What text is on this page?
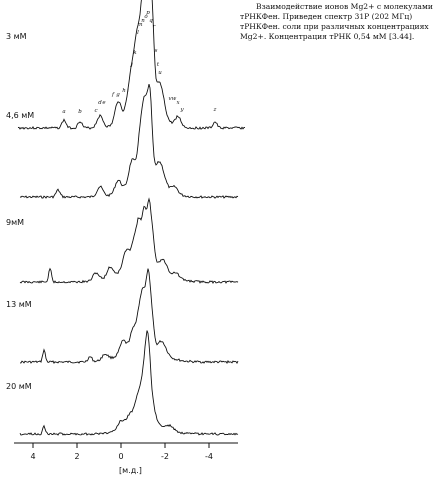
Взаимодействие ионов Mg2+ с молекулами тРНКФен. Приведен спектр 31Р (202 МГц) тРНКФен. соли при различных концентрациях Mg2+. Концентрация тРНК 0,54 мМ [3.44].

3 мМ
4,6 мМ
9мМ
13 мМ
20 мМ
4	2	0	-2	-4
[м.д.]
a b c
d e
f g
h i
j
k
l
m
n
o
p
q
r
s
t
u
v w
x
y	z
